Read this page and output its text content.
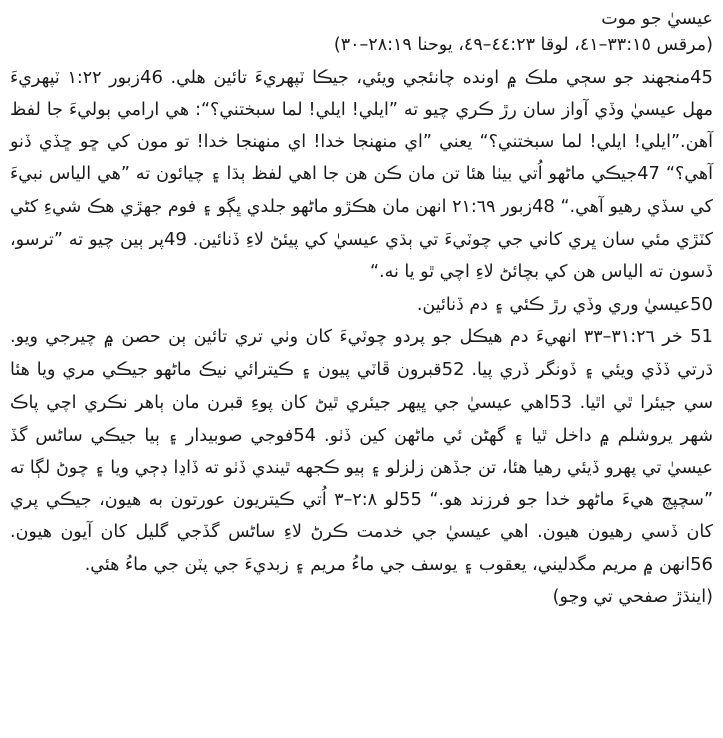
عيسيٰ جو موت

(مرقس ٣٣:١٥–٤١، لوقا ٤٤:٢٣–٤٩، يوحنا ٢٨:١٩–٣٠)

45منجهند جو سڄي ملڪ ۾ اونده چانئجي ويئي، جيڪا ٽپهريءَ تائين هلي. 46زبور ١:٢٢ ٽپهريءَ مهل عيسيٰ وڏي آواز سان رڙ ڪري چيو ته ”ايلي! ايلي! لما سبختني؟“: هي ارامي ٻوليءَ جا لفظ آهن.”ايلي! ايلي! لما سبختني؟“ يعني ”اي منهنجا خدا! اي منهنجا خدا! تو مون کي ڇو ڇڏي ڏنو آهي؟“ 47جيڪي ماڻهو اُتي بيٺا هئا تن مان ڪن هن جا اهي لفظ ٻڌا ۽ چيائون ته ”هي الياس نبيءَ کي سڏي رهيو آهي.“ 48زبور ٢١:٦٩ انهن مان هڪڙو ماڻهو جلدي ڀڳو ۽ فوم جهڙي هڪ شيءِ کڻي کٽڙي مئي سان ڀري کاني جي چوٽيءَ تي ٻڌي عيسيٰ کي پيئڻ لاءِ ڏنائين. 49پر ٻين چيو ته ”ترسو، ڏسون ته الياس هن کي بچائڻ لاءِ اچي ٿو يا نه.“

50عيسيٰ وري وڏي رڙ ڪئي ۽ دم ڏنائين.

51 خر ٣١:٢٦–٣٣ انهيءَ دم هيڪل جو پردو چوٽيءَ کان وٺي تري تائين ٻن حصن ۾ چيرجي ويو. ڌرتي ڏڏي ويئي ۽ ڏونگر ڏري پيا. 52قبرون ڦاٽي پيون ۽ ڪيترائي نيڪ ماڻهو جيڪي مري ويا هئا سي جيئرا ٿي اٿيا. 53اهي عيسيٰ جي ڀيهر جيئري ٿيڻ کان پوءِ قبرن مان ٻاهر نڪري اچي پاڪ شهر يروشلم ۾ داخل ٿيا ۽ گهڻن ئي ماڻهن کين ڏٺو. 54فوجي صوبيدار ۽ ٻيا جيڪي ساڻس گڏ عيسيٰ تي پهرو ڏيئي رهيا هئا، تن جڏهن زلزلو ۽ ٻيو ڪجهه ٿيندي ڏٺو ته ڏاڍا ڊڄي ويا ۽ چوڻ لڳا ته ”سچپچ هيءَ ماڻهو خدا جو فرزند هو.“ 55لو ٢:٨–٣ اُتي ڪيتريون عورتون به هيون، جيڪي پري کان ڏسي رهيون هيون. اهي عيسيٰ جي خدمت ڪرڻ لاءِ ساڻس گڏجي گليل کان آيون هيون. 56انهن ۾ مريم مگدليني، يعقوب ۽ يوسف جي ماءُ مريم ۽ زبديءَ جي پٽن جي ماءُ هئي.

(اينڌڙ صفحي تي وڃو)
